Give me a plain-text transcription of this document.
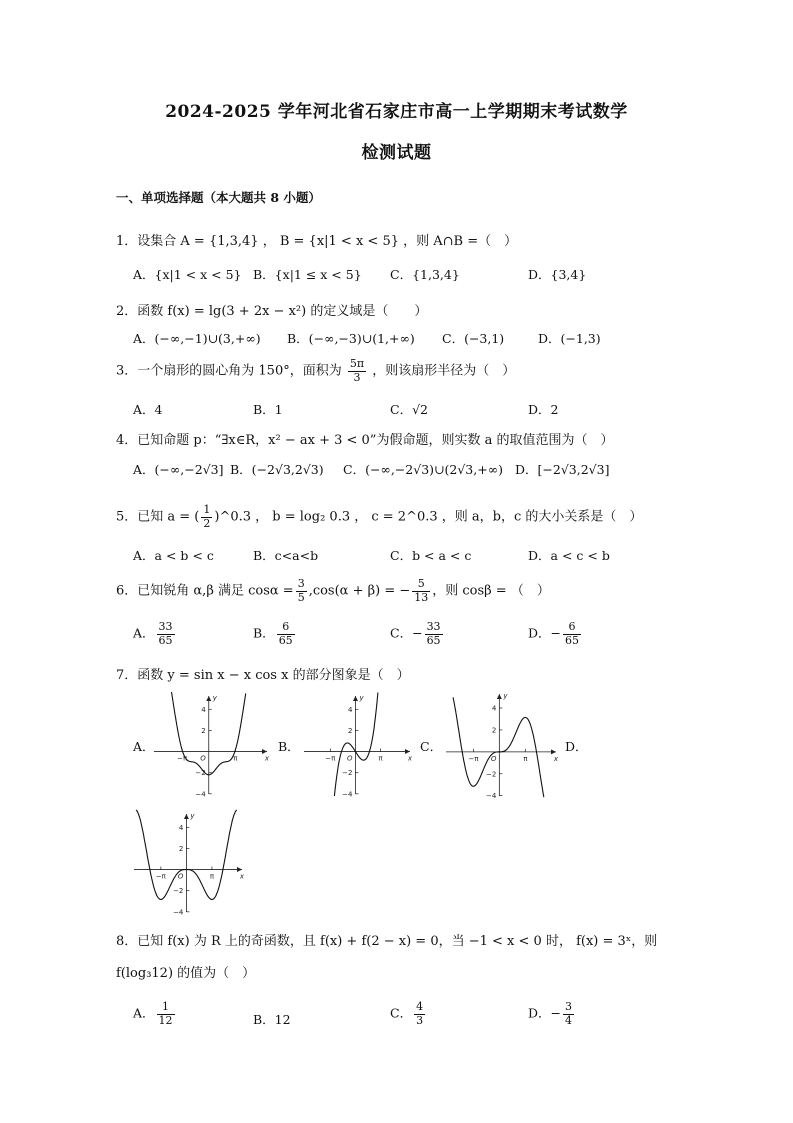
2024-2025 学年河北省石家庄市高一上学期期末考试数学
检测试题
一、单项选择题（本大题共 8 小题）
1．设集合 A = {1,3,4} ， B = {x|1 < x < 5} ，则 A∩B =（　）
A．{x|1 < x < 5} B．{x|1 ≤ x < 5} C．{1,3,4}	D．{3,4}
2．函数 f(x) = lg(3 + 2x − x²) 的定义域是（　　）
A．(−∞,−1)∪(3,+∞) B．(−∞,−3)∪(1,+∞) C．(−3,1)	D．(−1,3)
3．一个扇形的圆心角为 150°，面积为 $\frac{5\pi}{3}$ ，则该扇形半径为（　）
A．4	B．1	C．√2	D．2
4．已知命题 p：“∃x∈R，x² − ax + 3 < 0”为假命题，则实数 a 的取值范围为（　）
A．(−∞,−2√3] B．(−2√3,2√3) C．(−∞,−2√3)∪(2√3,+∞) D．[−2√3,2√3]
5．已知 a = ( $\frac{1}{2}$ )^0.3 ， b = log₂ 0.3 ， c = 2^0.3 ，则 a，b，c 的大小关系是（　）
A．a < b < c	B．c<a<b	C．b < a < c	D．a < c < b
6．已知锐角 α,β 满足 $\cos\alpha = \frac{3}{5} ,\cos(\alpha + \beta)$ = − $\frac{5}{13}$ ，则 cosβ = （　）
A． $\frac{33}{65}$	B． $\frac{6}{65}$	C．− $\frac{33}{65}$	D．− $\frac{6}{65}$
7．函数 y = sin x − x cos x 的部分图象是（　）
A．	B．	C．	D．
4
2
−2
−4
−π	π
O	x
y
4
2
−2
−4
−π	π
O	x
y
4
2
−2
−4
−π	π
O	x
y
4
2
−2
−4
−π	π
O	x
y
8．已知 f(x) 为 R 上的奇函数，且 f(x) + f(2 − x) = 0，当 −1 < x < 0 时， f(x) = 3ˣ，则
f(log₃12) 的值为（　）
A． $\frac{1}{12}$	B．12	C． $\frac{4}{3}$	D．− $\frac{3}{4}$
